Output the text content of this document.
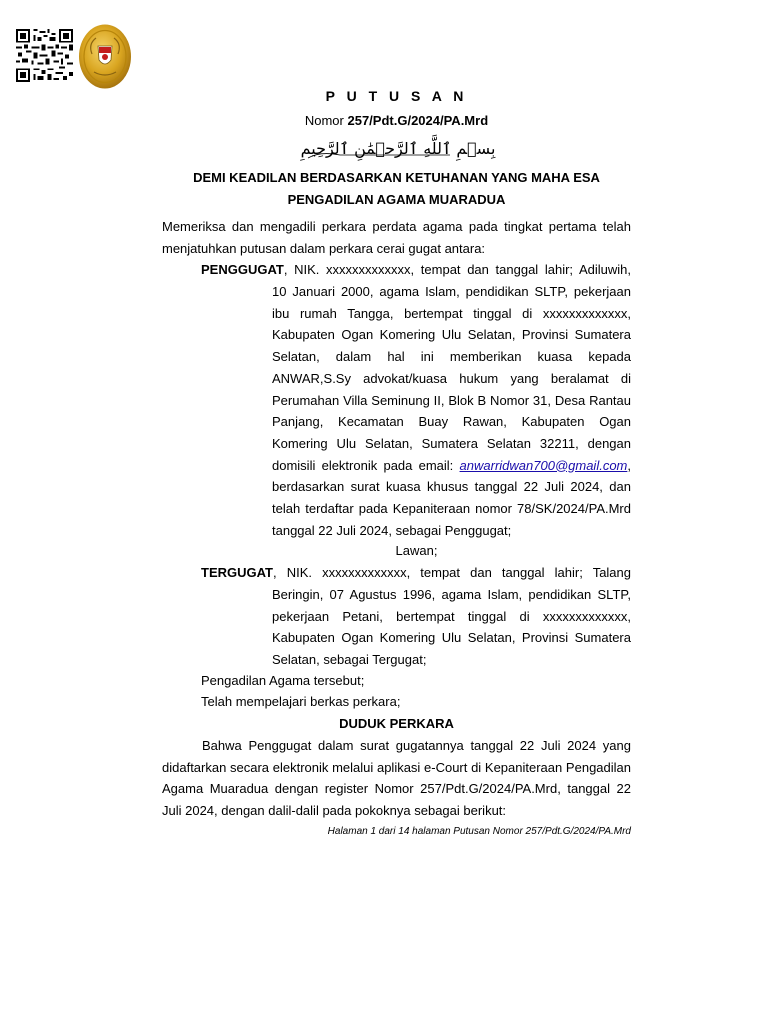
P U T U S A N
Nomor 257/Pdt.G/2024/PA.Mrd
بِسۡمِ ٱللَّهِ ٱلرَّحۡمَٰنِ ٱلرَّحِيمِ
DEMI KEADILAN BERDASARKAN KETUHANAN YANG MAHA ESA
PENGADILAN AGAMA MUARADUA
Memeriksa dan mengadili perkara perdata agama pada tingkat pertama telah menjatuhkan putusan dalam perkara cerai gugat antara:
PENGGUGAT, NIK. xxxxxxxxxxxxx, tempat dan tanggal lahir; Adiluwih,
10 Januari 2000, agama Islam, pendidikan SLTP, pekerjaan ibu rumah Tangga, bertempat tinggal di xxxxxxxxxxxxx, Kabupaten Ogan Komering Ulu Selatan, Provinsi Sumatera Selatan, dalam hal ini memberikan kuasa kepada ANWAR,S.Sy advokat/kuasa hukum yang beralamat di Perumahan Villa Seminung II, Blok B Nomor 31, Desa Rantau Panjang, Kecamatan Buay Rawan, Kabupaten Ogan Komering Ulu Selatan, Sumatera Selatan 32211, dengan domisili elektronik pada email: anwarridwan700@gmail.com, berdasarkan surat kuasa khusus tanggal 22 Juli 2024, dan telah terdaftar pada Kepaniteraan nomor 78/SK/2024/PA.Mrd tanggal 22 Juli 2024, sebagai Penggugat;
Lawan;
TERGUGAT, NIK. xxxxxxxxxxxxx, tempat dan tanggal lahir; Talang
Beringin, 07 Agustus 1996, agama Islam, pendidikan SLTP, pekerjaan Petani, bertempat tinggal di xxxxxxxxxxxxx, Kabupaten Ogan Komering Ulu Selatan, Provinsi Sumatera Selatan, sebagai Tergugat;
Pengadilan Agama tersebut;
Telah mempelajari berkas perkara;
DUDUK PERKARA
Bahwa Penggugat dalam surat gugatannya tanggal 22 Juli 2024 yang didaftarkan secara elektronik melalui aplikasi e-Court di Kepaniteraan Pengadilan Agama Muaradua dengan register Nomor 257/Pdt.G/2024/PA.Mrd, tanggal 22 Juli 2024, dengan dalil-dalil pada pokoknya sebagai berikut:
Halaman 1 dari 14 halaman Putusan Nomor 257/Pdt.G/2024/PA.Mrd
